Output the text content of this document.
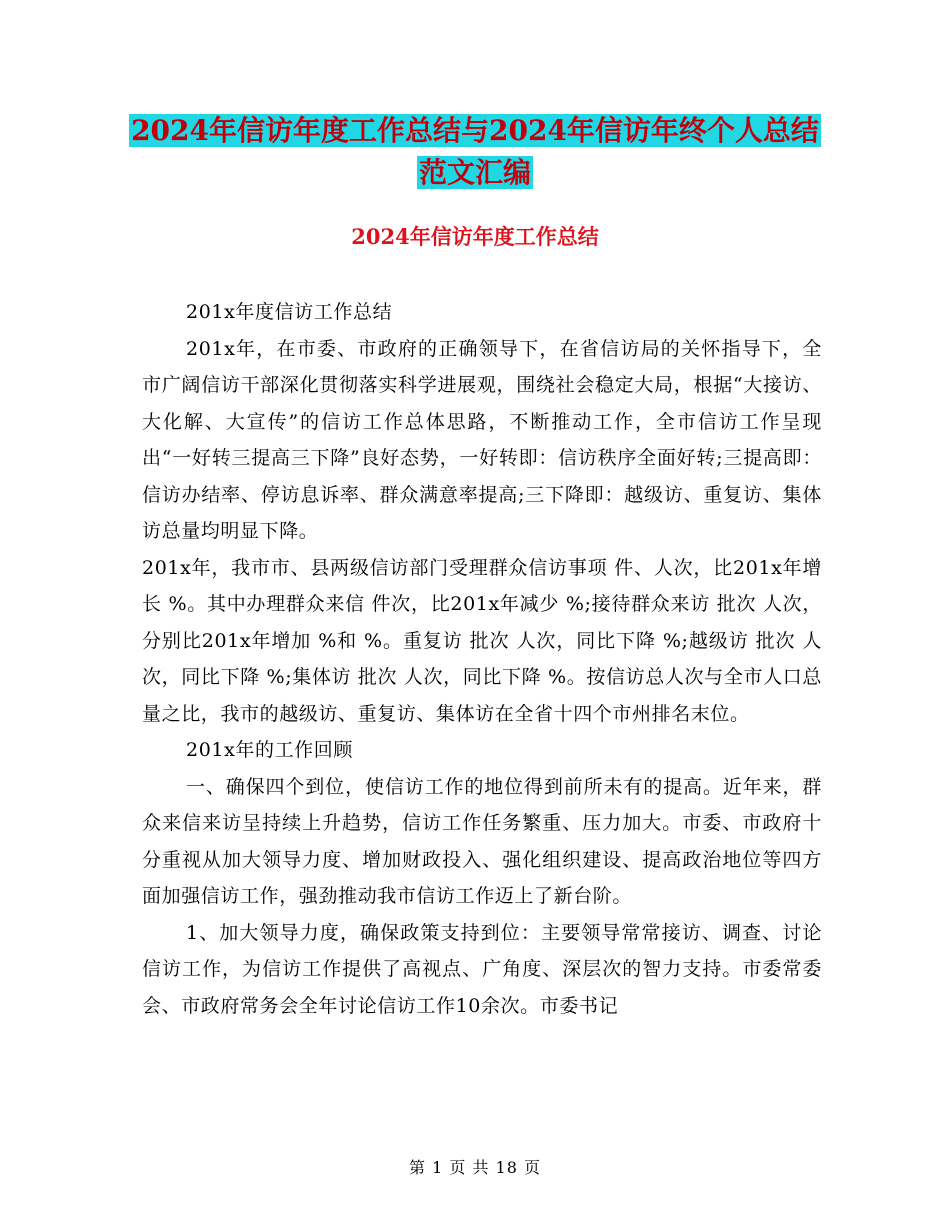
2024年信访年度工作总结与2024年信访年终个人总结
范文汇编
2024年信访年度工作总结

201x年度信访工作总结

201x年，在市委、市政府的正确领导下，在省信访局的关怀指导下，全市广阔信访干部深化贯彻落实科学进展观，围绕社会稳定大局，根据“大接访、大化解、大宣传”的信访工作总体思路，不断推动工作，全市信访工作呈现出“一好转三提高三下降”良好态势，一好转即：信访秩序全面好转;三提高即：信访办结率、停访息诉率、群众满意率提高;三下降即：越级访、重复访、集体访总量均明显下降。

201x年，我市市、县两级信访部门受理群众信访事项 件、人次，比201x年增长 %。其中办理群众来信 件次，比201x年减少 %;接待群众来访 批次 人次，分别比201x年增加 %和 %。重复访 批次 人次，同比下降 %;越级访 批次 人次，同比下降 %;集体访 批次 人次，同比下降 %。按信访总人次与全市人口总量之比，我市的越级访、重复访、集体访在全省十四个市州排名末位。

201x年的工作回顾

一、确保四个到位，使信访工作的地位得到前所未有的提高。近年来，群众来信来访呈持续上升趋势，信访工作任务繁重、压力加大。市委、市政府十分重视从加大领导力度、增加财政投入、强化组织建设、提高政治地位等四方面加强信访工作，强劲推动我市信访工作迈上了新台阶。

1、加大领导力度，确保政策支持到位：主要领导常常接访、调查、讨论信访工作，为信访工作提供了高视点、广角度、深层次的智力支持。市委常委会、市政府常务会全年讨论信访工作10余次。市委书记

第 1 页 共 18 页
